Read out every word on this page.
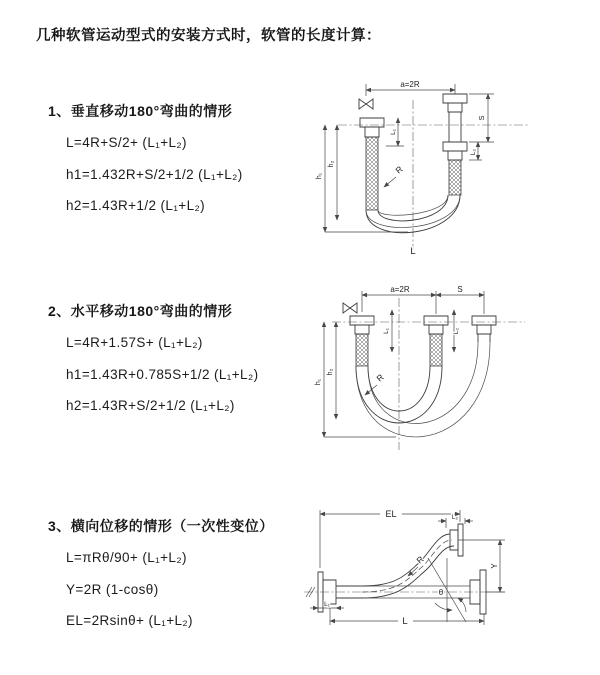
几种软管运动型式的安装方式时，软管的长度计算：
1、垂直移动180°弯曲的情形
L=4R+S/2+ (L₁+L₂)
h1=1.432R+S/2+1/2 (L₁+L₂)
h2=1.43R+1/2 (L₁+L₂)
2、水平移动180°弯曲的情形
L=4R+1.57S+ (L₁+L₂)
h1=1.43R+0.785S+1/2 (L₁+L₂)
h2=1.43R+S/2+1/2 (L₁+L₂)
3、横向位移的情形（一次性变位）
L=πRθ/90+ (L₁+L₂)
Y=2R (1-cosθ)
EL=2Rsinθ+ (L₁+L₂)
a=2R
h₁
h₂
L₁
S
L₂
R
L
a=2R	S
h₁
h₂
L₁	L₂
R
EL	L₂
Y
θ
R
L
L₁
